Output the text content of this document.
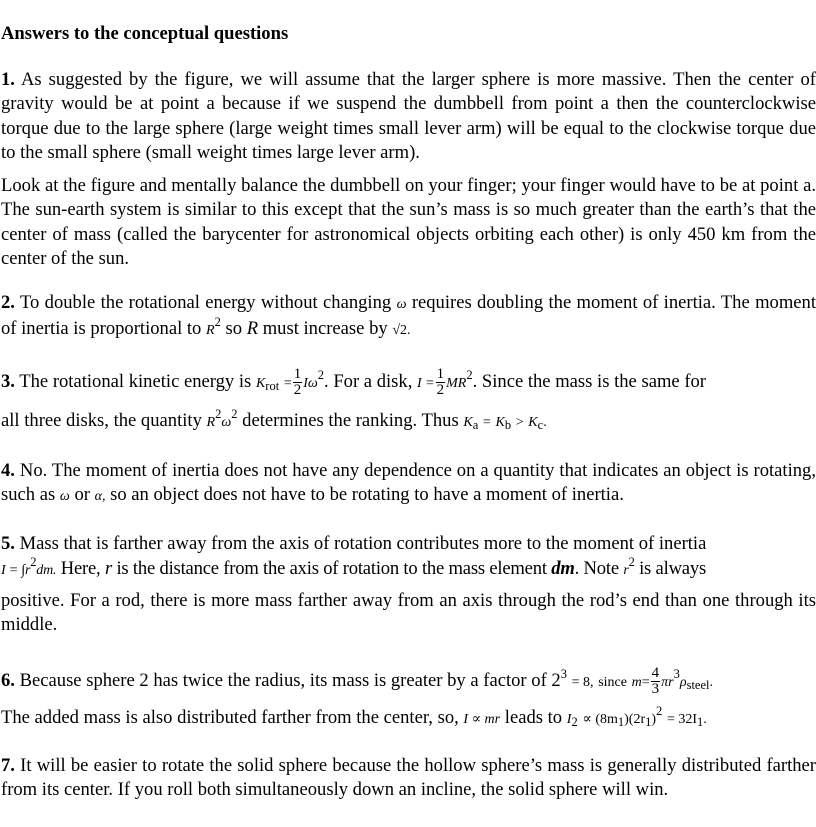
Answers to the conceptual questions
1. As suggested by the figure, we will assume that the larger sphere is more massive. Then the center of gravity would be at point a because if we suspend the dumbbell from point a then the counterclockwise torque due to the large sphere (large weight times small lever arm) will be equal to the clockwise torque due to the small sphere (small weight times large lever arm).
Look at the figure and mentally balance the dumbbell on your finger; your finger would have to be at point a. The sun-earth system is similar to this except that the sun’s mass is so much greater than the earth’s that the center of mass (called the barycenter for astronomical objects orbiting each other) is only 450 km from the center of the sun.
2. To double the rotational energy without changing ω requires doubling the moment of inertia. The moment of inertia is proportional to $R^2$ so R must increase by √2.
3. The rotational kinetic energy is $K_{rot} = \frac{1}{2} I\omega^2$. For a disk, $I = \frac{1}{2} MR^2$. Since the mass is the same for
all three disks, the quantity $R^2\omega^2$ determines the ranking. Thus $K_a = K_b > K_c$.
4. No. The moment of inertia does not have any dependence on a quantity that indicates an object is rotating, such as ω or α, so an object does not have to be rotating to have a moment of inertia.
5. Mass that is farther away from the axis of rotation contributes more to the moment of inertia
$I = \int r^2dm$. Here, r is the distance from the axis of rotation to the mass element dm. Note $r^2$ is always
positive. For a rod, there is more mass farther away from an axis through the rod’s end than one through its middle.
6. Because sphere 2 has twice the radius, its mass is greater by a factor of $2^3 = 8$, since $m= \frac{4}{3} \pi r^3\rho_{steel}$.
The added mass is also distributed farther from the center, so, I ∝ mr leads to $I_2 \propto (8m_1)(2r_1)^2 = 32I_1$.
7. It will be easier to rotate the solid sphere because the hollow sphere’s mass is generally distributed farther from its center. If you roll both simultaneously down an incline, the solid sphere will win.
